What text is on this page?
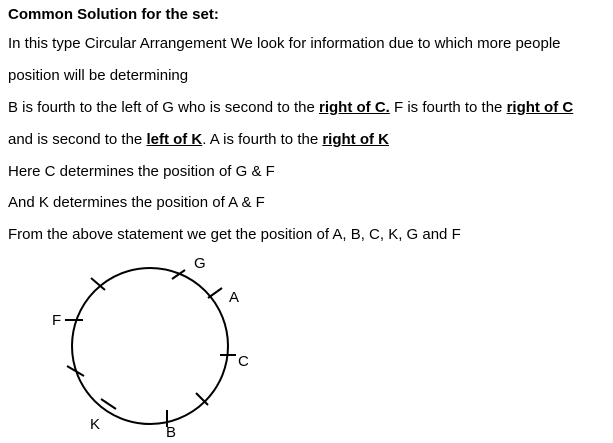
Common Solution for the set:
In this type Circular Arrangement We look for information due to which more people
position will be determining
B is fourth to the left of G who is second to the right of C. F is fourth to the right of C
and is second to the left of K. A is fourth to the right of K
Here C determines the position of G & F
And K determines the position of A & F
From the above statement we get the position of A, B, C, K, G and F
G
A
C
B
K
F
